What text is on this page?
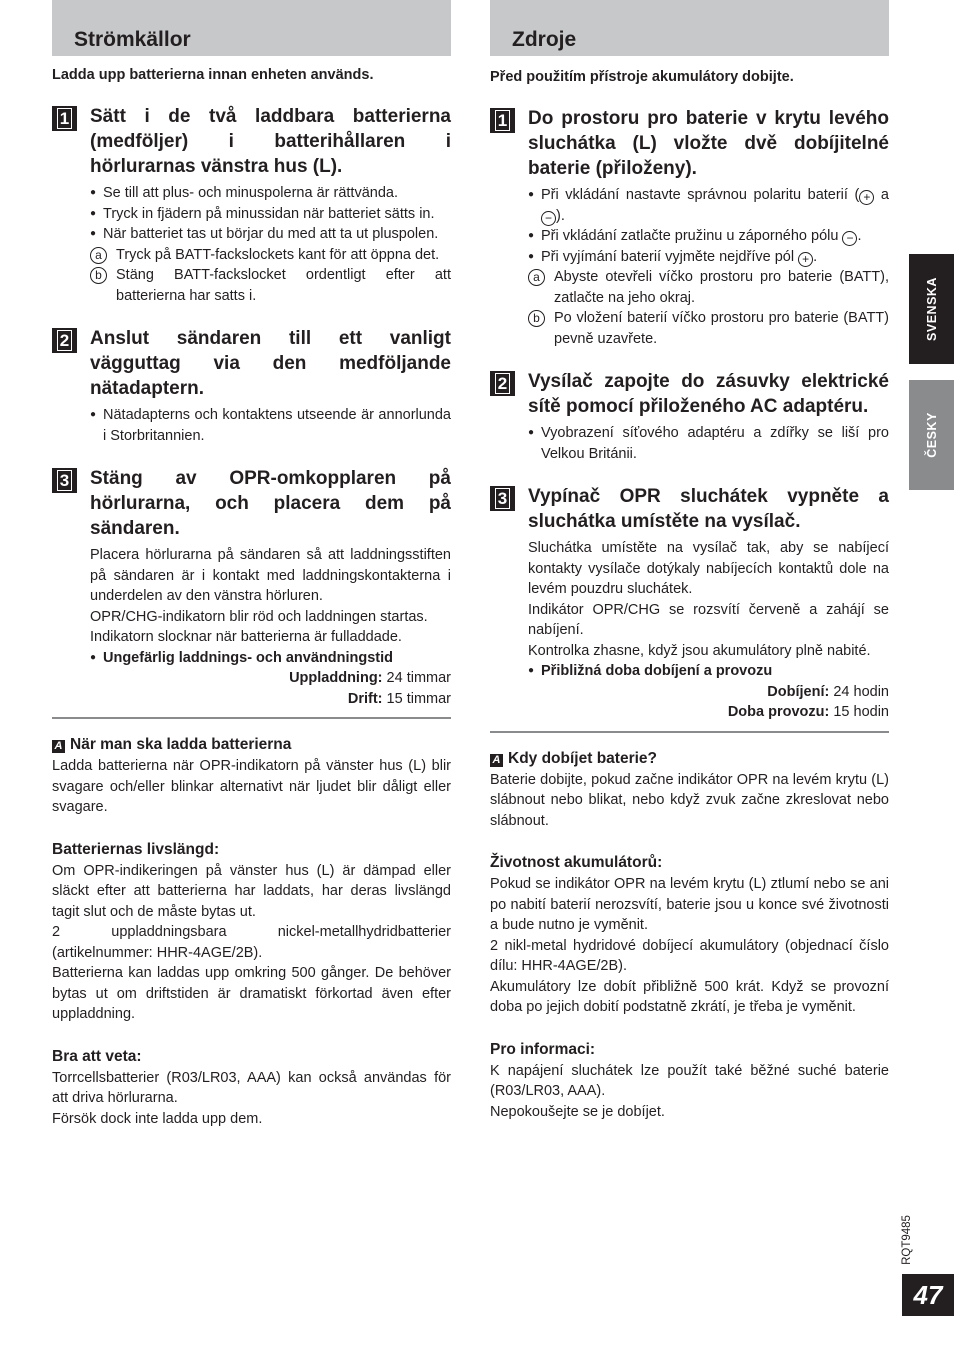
Strömkällor
Ladda upp batterierna innan enheten används.
1	Sätt i de två laddbara batterierna (medföljer) i batterihållaren i hörlurarnas vänstra hus (L).

● Se till att plus- och minuspolerna är rättvända.
● Tryck in fjädern på minussidan när batteriet sätts in.
● När batteriet tas ut börjar du med att ta ut pluspolen.
a Tryck på BATT-fackslockets kant för att öppna det.
b Stäng BATT-fackslocket ordentligt efter att batterierna har satts i.
2	Anslut sändaren till ett vanligt vägguttag via den medföljande nätadaptern.

● Nätadapterns och kontaktens utseende är annorlunda i Storbritannien.
3	Stäng av OPR-omkopplaren på hörlurarna, och placera dem på sändaren.

Placera hörlurarna på sändaren så att laddningsstiften på sändaren är i kontakt med laddningskontakterna i underdelen av den vänstra hörluren.

OPR/CHG-indikatorn blir röd och laddningen startas.

Indikatorn slocknar när batterierna är fulladdade.

● Ungefärlig laddnings- och användningstid
Uppladdning: 24 timmar
Drift: 15 timmar

A När man ska ladda batterierna

Ladda batterierna när OPR-indikatorn på vänster hus (L) blir svagare och/eller blinkar alternativt när ljudet blir dåligt eller svagare.

Batteriernas livslängd:

Om OPR-indikeringen på vänster hus (L) är dämpad eller släckt efter att batterierna har laddats, har deras livslängd tagit slut och de måste bytas ut.

2 uppladdningsbara nickel-metallhydridbatterier (artikelnummer: HHR-4AGE/2B).

Batterierna kan laddas upp omkring 500 gånger. De behöver bytas ut om driftstiden är dramatiskt förkortad även efter uppladdning.

Bra att veta:

Torrcellsbatterier (R03/LR03, AAA) kan också användas för att driva hörlurarna.

Försök dock inte ladda upp dem.

Zdroje
Před použitím přístroje akumulátory dobijte.
1	Do prostoru pro baterie v krytu levého sluchátka (L) vložte dvě dobíjitelné baterie (přiloženy).

● Při vkládání nastavte správnou polaritu baterií ( + a − ).
● Při vkládání zatlačte pružinu u záporného pólu − .
● Při vyjímání baterií vyjměte nejdříve pól + .
a Abyste otevřeli víčko prostoru pro baterie (BATT), zatlačte na jeho okraj.
b Po vložení baterií víčko prostoru pro baterie (BATT) pevně uzavřete.
2	Vysílač zapojte do zásuvky elektrické sítě pomocí přiloženého AC adaptéru.

● Vyobrazení síťového adaptéru a zdířky se liší pro Velkou Británii.
3	Vypínač OPR sluchátek vypněte a sluchátka umístěte na vysílač.

Sluchátka umístěte na vysílač tak, aby se nabíjecí kontakty vysílače dotýkaly nabíjecích kontaktů dole na levém pouzdru sluchátek.

Indikátor OPR/CHG se rozsvítí červeně a zahájí se nabíjení.

Kontrolka zhasne, když jsou akumulátory plně nabité.

● Přibližná doba dobíjení a provozu
Dobíjení: 24 hodin
Doba provozu: 15 hodin

A Kdy dobíjet baterie?

Baterie dobijte, pokud začne indikátor OPR na levém krytu (L) slábnout nebo blikat, nebo když zvuk začne zkreslovat nebo slábnout.

Životnost akumulátorů:

Pokud se indikátor OPR na levém krytu (L) ztlumí nebo se ani po nabití baterií nerozsvítí, baterie jsou u konce své životnosti a bude nutno je vyměnit.

2 nikl-metal hydridové dobíjecí akumulátory (objednací číslo dílu: HHR-4AGE/2B).

Akumulátory lze dobít přibližně 500 krát. Když se provozní doba po jejich dobití podstatně zkrátí, je třeba je vyměnit.

Pro informaci:

K napájení sluchátek lze použít také běžné suché baterie (R03/LR03, AAA).

Nepokoušejte se je dobíjet.

SVENSKA
ČESKY
RQT9485
47
